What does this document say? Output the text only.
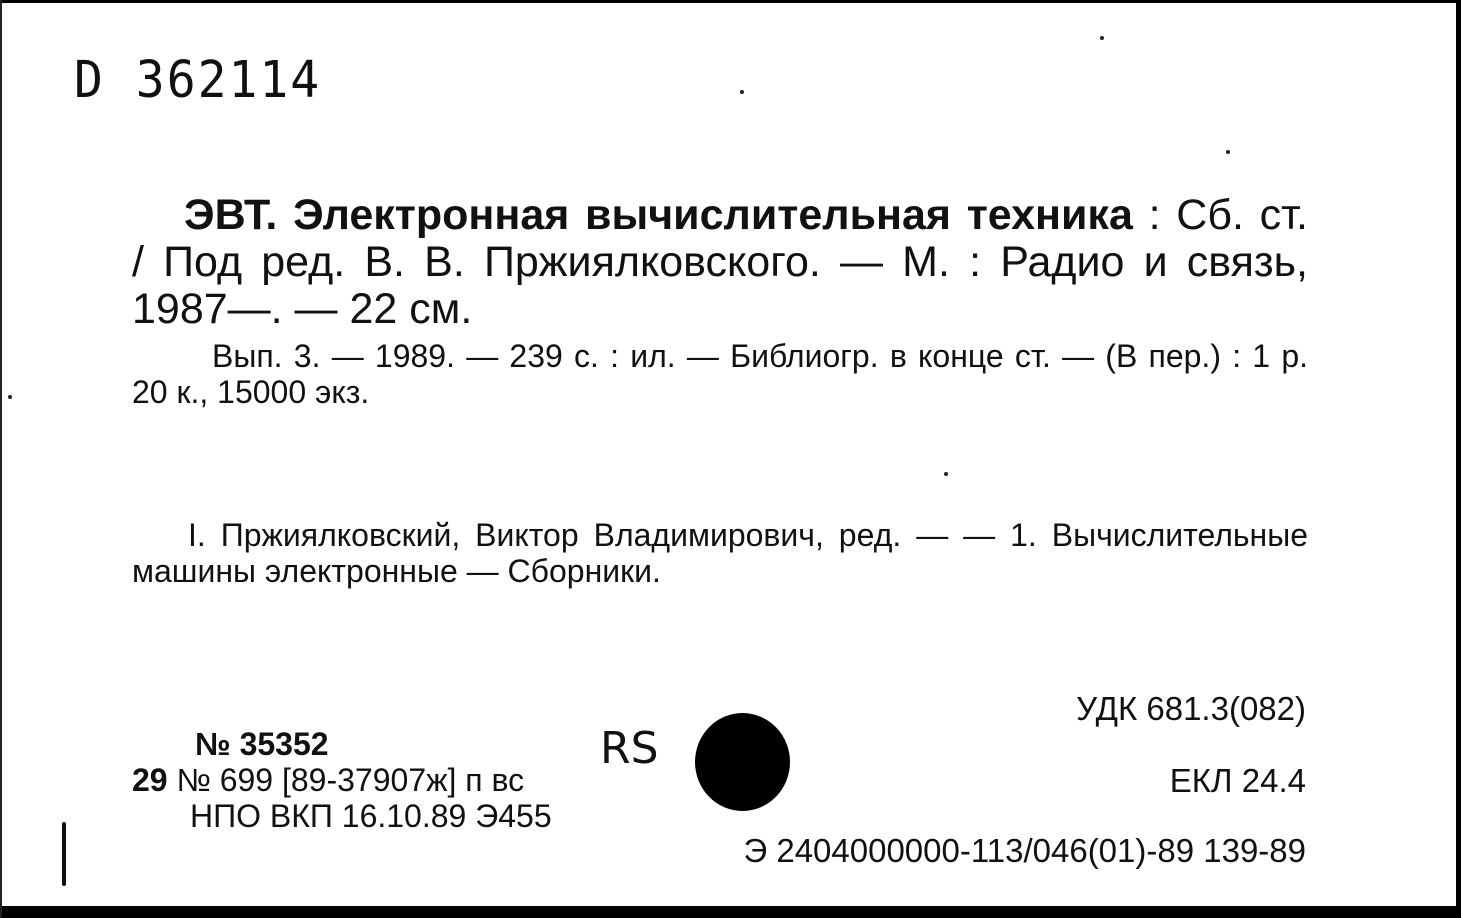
D 362114
ЭВТ. Электронная вычислительная техника : Сб. ст. / Под ред. В. В. Пржиялковского. — М. : Радио и связь, 1987—. — 22 см.
Вып. 3. — 1989. — 239 с. : ил. — Библиогр. в конце ст. — (В пер.) : 1 р. 20 к., 15000 экз.
I. Пржиялковский, Виктор Владимирович, ред. — — 1. Вычислительные машины электронные — Сборники.
УДК 681.3(082)
ЕКЛ 24.4
Э 2404000000-113/046(01)-89 139-89
№ 35352
29 № 699 [89-37907ж] п вс
НПО ВКП 16.10.89 Э455
RS
